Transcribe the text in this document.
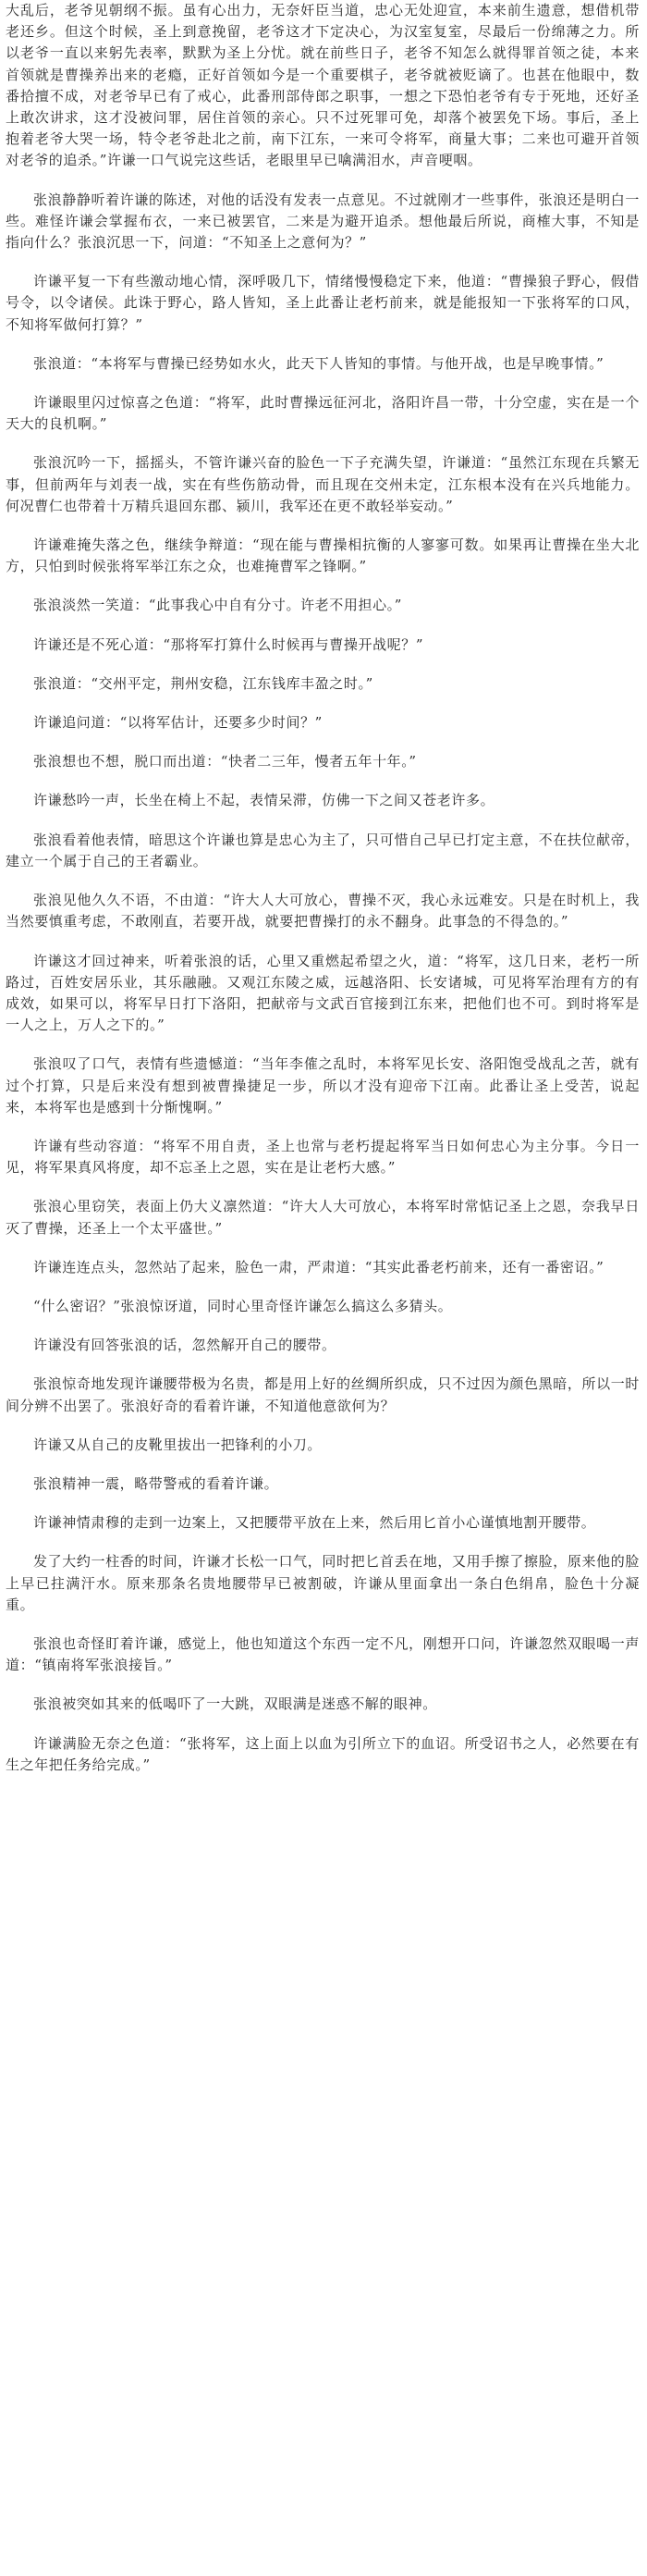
大乱后，老爷见朝纲不振。虽有心出力，无奈奸臣当道，忠心无处迎宣，本来前生遗意，想借机带老还乡。但这个时候，圣上到意挽留，老爷这才下定决心，为汉室复室，尽最后一份绵薄之力。所以老爷一直以来躬先表率，默默为圣上分忧。就在前些日子，老爷不知怎么就得罪首领之徒，本来首领就是曹操养出来的老瘾，正好首领如今是一个重要棋子，老爷就被贬谪了。也甚在他眼中，数番拾擅不成，对老爷早已有了戒心，此番刑部侍郎之职事，一想之下恐怕老爷有专于死地，还好圣上敢次讲求，这才没被问罪，居住首领的亲心。只不过死罪可免，却落个被罢免下场。事后，圣上抱着老爷大哭一场，特令老爷赴北之前，南下江东，一来可令将军，商量大事；二来也可避开首领对老爷的追杀。”许谦一口气说完这些话，老眼里早已噙满泪水，声音哽咽。

张浪静静听着许谦的陈述，对他的话没有发表一点意见。不过就刚才一些事件，张浪还是明白一些。难怪许谦会掌握布衣，一来已被罢官，二来是为避开追杀。想他最后所说，商榷大事，不知是指向什么？张浪沉思一下，问道：“不知圣上之意何为？”

许谦平复一下有些激动地心情，深呼吸几下，情绪慢慢稳定下来，他道：“曹操狼子野心，假借号令，以令诸侯。此诛于野心，路人皆知，圣上此番让老朽前来，就是能报知一下张将军的口风，不知将军做何打算？”

张浪道：“本将军与曹操已经势如水火，此天下人皆知的事情。与他开战，也是早晚事情。”

许谦眼里闪过惊喜之色道：“将军，此时曹操远征河北，洛阳许昌一带，十分空虚，实在是一个天大的良机啊。”

张浪沉吟一下，摇摇头，不管许谦兴奋的脸色一下子充满失望，许谦道：“虽然江东现在兵繁无事，但前两年与刘表一战，实在有些伤筋动骨，而且现在交州未定，江东根本没有在兴兵地能力。何况曹仁也带着十万精兵退回东郡、颍川，我军还在更不敢轻举妄动。”

许谦难掩失落之色，继续争辩道：“现在能与曹操相抗衡的人寥寥可数。如果再让曹操在坐大北方，只怕到时候张将军举江东之众，也难掩曹军之锋啊。”

张浪淡然一笑道：“此事我心中自有分寸。许老不用担心。”

许谦还是不死心道：“那将军打算什么时候再与曹操开战呢？”

张浪道：“交州平定，荆州安稳，江东钱库丰盈之时。”

许谦追问道：“以将军估计，还要多少时间？”

张浪想也不想，脱口而出道：“快者二三年，慢者五年十年。”

许谦愁吟一声，长坐在椅上不起，表情呆滞，仿佛一下之间又苍老许多。

张浪看着他表情，暗思这个许谦也算是忠心为主了，只可惜自己早已打定主意，不在扶位献帝，建立一个属于自己的王者霸业。

张浪见他久久不语，不由道：“许大人大可放心，曹操不灭，我心永远难安。只是在时机上，我当然要慎重考虑，不敢刚直，若要开战，就要把曹操打的永不翻身。此事急的不得急的。”

许谦这才回过神来，听着张浪的话，心里又重燃起希望之火，道：“将军，这几日来，老朽一所路过，百姓安居乐业，其乐融融。又观江东陵之威，远越洛阳、长安诸城，可见将军治理有方的有成效，如果可以，将军早日打下洛阳，把献帝与文武百官接到江东来，把他们也不可。到时将军是一人之上，万人之下的。”

张浪叹了口气，表情有些遗憾道：“当年李傕之乱时，本将军见长安、洛阳饱受战乱之苦，就有过个打算，只是后来没有想到被曹操捷足一步，所以才没有迎帝下江南。此番让圣上受苦，说起来，本将军也是感到十分惭愧啊。”

许谦有些动容道：“将军不用自责，圣上也常与老朽提起将军当日如何忠心为主分事。今日一见，将军果真风将度，却不忘圣上之恩，实在是让老朽大感。”

张浪心里窃笑，表面上仍大义凛然道：“许大人大可放心，本将军时常惦记圣上之恩，奈我早日灭了曹操，还圣上一个太平盛世。”

许谦连连点头，忽然站了起来，脸色一肃，严肃道：“其实此番老朽前来，还有一番密诏。”

“什么密诏？”张浪惊讶道，同时心里奇怪许谦怎么搞这么多猜头。

许谦没有回答张浪的话，忽然解开自己的腰带。

张浪惊奇地发现许谦腰带极为名贵，都是用上好的丝绸所织成，只不过因为颜色黑暗，所以一时间分辨不出罢了。张浪好奇的看着许谦，不知道他意欲何为？

许谦又从自己的皮靴里拔出一把锋利的小刀。

张浪精神一震，略带警戒的看着许谦。

许谦神情肃穆的走到一边案上，又把腰带平放在上来，然后用匕首小心谨慎地割开腰带。

发了大约一柱香的时间，许谦才长松一口气，同时把匕首丢在地，又用手擦了擦脸，原来他的脸上早已拄满汗水。原来那条名贵地腰带早已被割破，许谦从里面拿出一条白色绢帛，脸色十分凝重。

张浪也奇怪盯着许谦，感觉上，他也知道这个东西一定不凡，刚想开口问，许谦忽然双眼喝一声道：“镇南将军张浪接旨。”

张浪被突如其来的低喝吓了一大跳，双眼满是迷惑不解的眼神。

许谦满脸无奈之色道：“张将军，这上面上以血为引所立下的血诏。所受诏书之人，必然要在有生之年把任务给完成。”
